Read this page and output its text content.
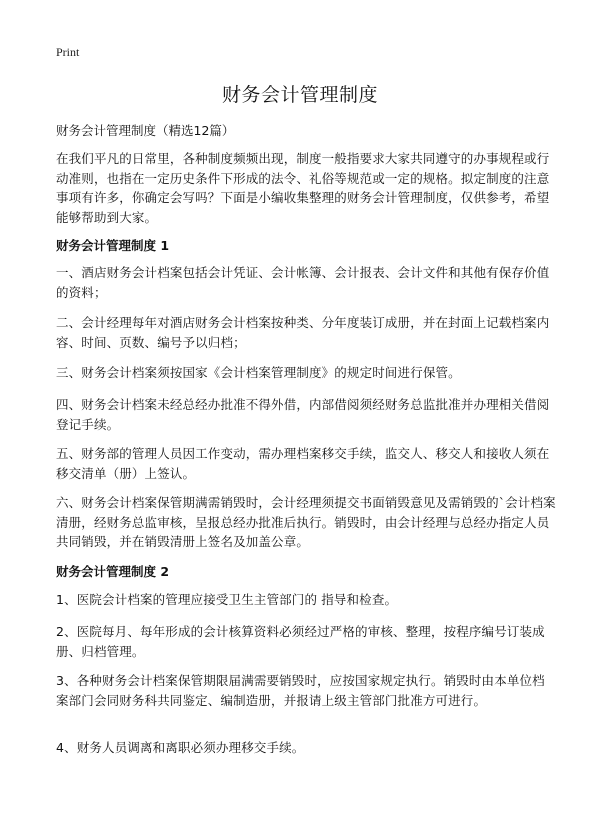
Print
财务会计管理制度

财务会计管理制度（精选12篇）

在我们平凡的日常里，各种制度频频出现，制度一般指要求大家共同遵守的办事规程或行动准则，也指在一定历史条件下形成的法令、礼俗等规范或一定的规格。拟定制度的注意事项有许多，你确定会写吗？下面是小编收集整理的财务会计管理制度，仅供参考，希望能够帮助到大家。

财务会计管理制度 1

一、酒店财务会计档案包括会计凭证、会计帐簿、会计报表、会计文件和其他有保存价值的资料；

二、会计经理每年对酒店财务会计档案按种类、分年度装订成册，并在封面上记载档案内容、时间、页数、编号予以归档；

三、财务会计档案须按国家《会计档案管理制度》的规定时间进行保管。

四、财务会计档案未经总经办批准不得外借，内部借阅须经财务总监批准并办理相关借阅登记手续。

五、财务部的管理人员因工作变动，需办理档案移交手续，监交人、移交人和接收人须在移交清单（册）上签认。

六、财务会计档案保管期满需销毁时，会计经理须提交书面销毁意见及需销毁的`会计档案清册，经财务总监审核，呈报总经办批准后执行。销毁时，由会计经理与总经办指定人员共同销毁，并在销毁清册上签名及加盖公章。

财务会计管理制度 2

1、医院会计档案的管理应接受卫生主管部门的 指导和检查。

2、医院每月、每年形成的会计核算资料必须经过严格的审核、整理，按程序编号订装成册、归档管理。

3、各种财务会计档案保管期限届满需要销毁时，应按国家规定执行。销毁时由本单位档案部门会同财务科共同鉴定、编制造册，并报请上级主管部门批准方可进行。

4、财务人员调离和离职必须办理移交手续。
